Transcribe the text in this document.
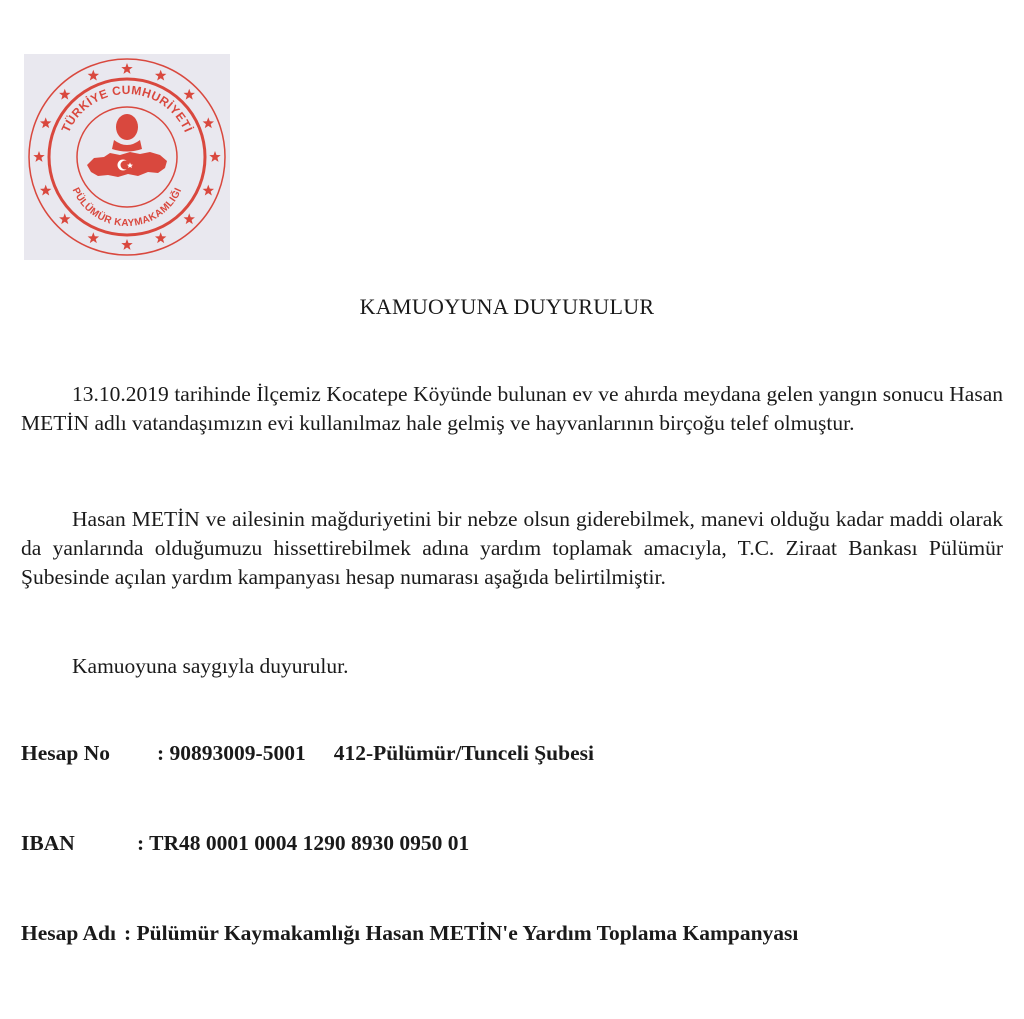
TÜRKİYE CUMHURİYETİ
PÜLÜMÜR KAYMAKAMLIĞI
KAMUOYUNA DUYURULUR

13.10.2019 tarihinde İlçemiz Kocatepe Köyünde bulunan ev ve ahırda meydana gelen yangın sonucu Hasan METİN adlı vatandaşımızın evi kullanılmaz hale gelmiş ve hayvanlarının birçoğu telef olmuştur.

Hasan METİN ve ailesinin mağduriyetini bir nebze olsun giderebilmek, manevi olduğu kadar maddi olarak da yanlarında olduğumuzu hissettirebilmek adına yardım toplamak amacıyla, T.C. Ziraat Bankası Pülümür Şubesinde açılan yardım kampanyası hesap numarası aşağıda belirtilmiştir.

Kamuoyuna saygıyla duyurulur.

Hesap No : 90893009-5001 412-Pülümür/Tunceli Şubesi
IBAN	: TR48 0001 0004 1290 8930 0950 01
Hesap Adı : Pülümür Kaymakamlığı Hasan METİN'e Yardım Toplama Kampanyası
